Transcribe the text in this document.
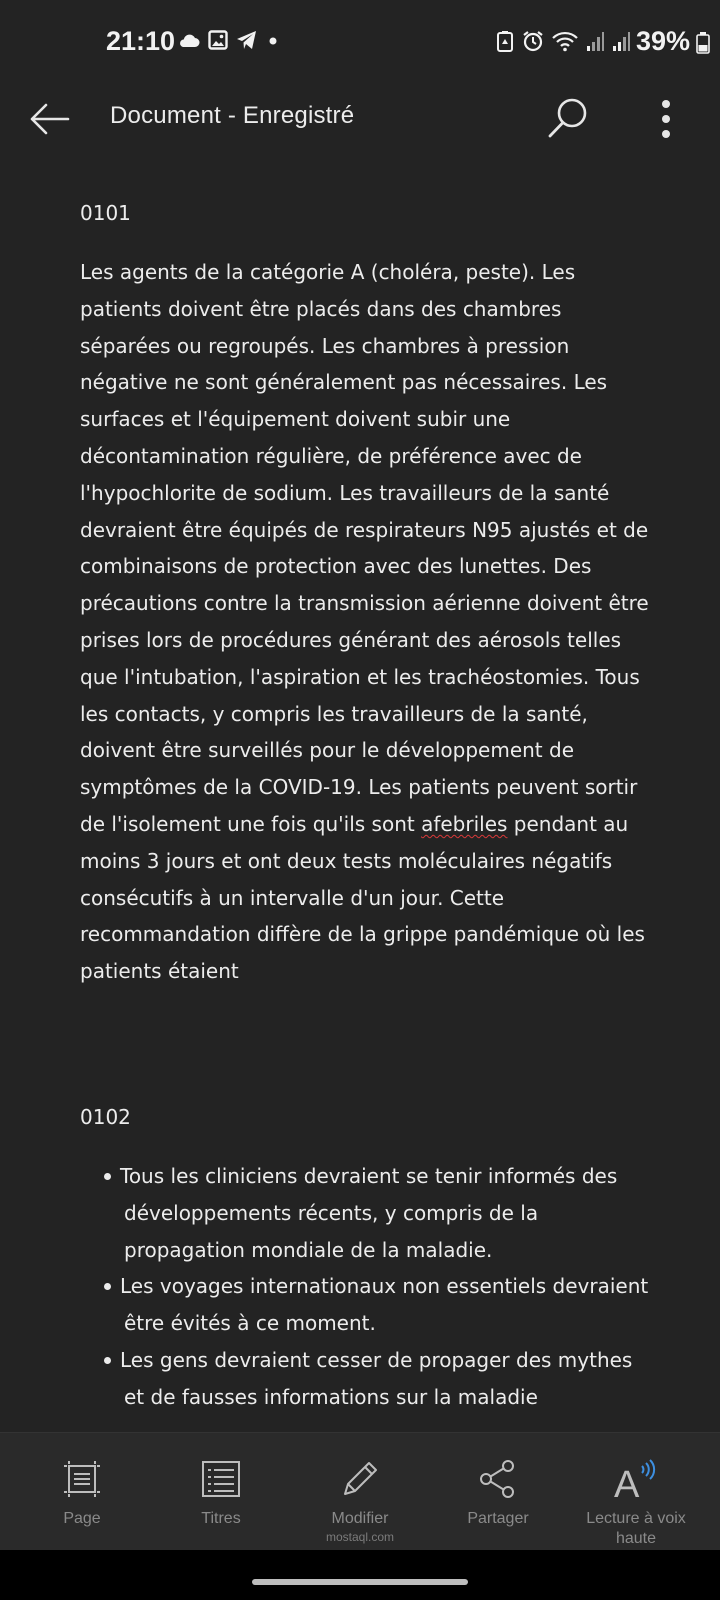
21:10	39%
Document - Enregistré
0101

Les agents de la catégorie A (choléra, peste). Les patients doivent être placés dans des chambres séparées ou regroupés. Les chambres à pression négative ne sont généralement pas nécessaires. Les surfaces et l'équipement doivent subir une décontamination régulière, de préférence avec de l'hypochlorite de sodium. Les travailleurs de la santé devraient être équipés de respirateurs N95 ajustés et de combinaisons de protection avec des lunettes. Des précautions contre la transmission aérienne doivent être prises lors de procédures générant des aérosols telles que l'intubation, l'aspiration et les trachéostomies. Tous les contacts, y compris les travailleurs de la santé, doivent être surveillés pour le développement de symptômes de la COVID-19. Les patients peuvent sortir de l'isolement une fois qu'ils sont afebriles pendant au moins 3 jours et ont deux tests moléculaires négatifs consécutifs à un intervalle d'un jour. Cette recommandation diffère de la grippe pandémique où les patients étaient

0102
Tous les cliniciens devraient se tenir informés des développements récents, y compris de la propagation mondiale de la maladie.
Les voyages internationaux non essentiels devraient être évités à ce moment.
Les gens devraient cesser de propager des mythes et de fausses informations sur la maladie
Page	Titres	Modifier	Partager
A
Lecture à voix haute
mostaql.com
